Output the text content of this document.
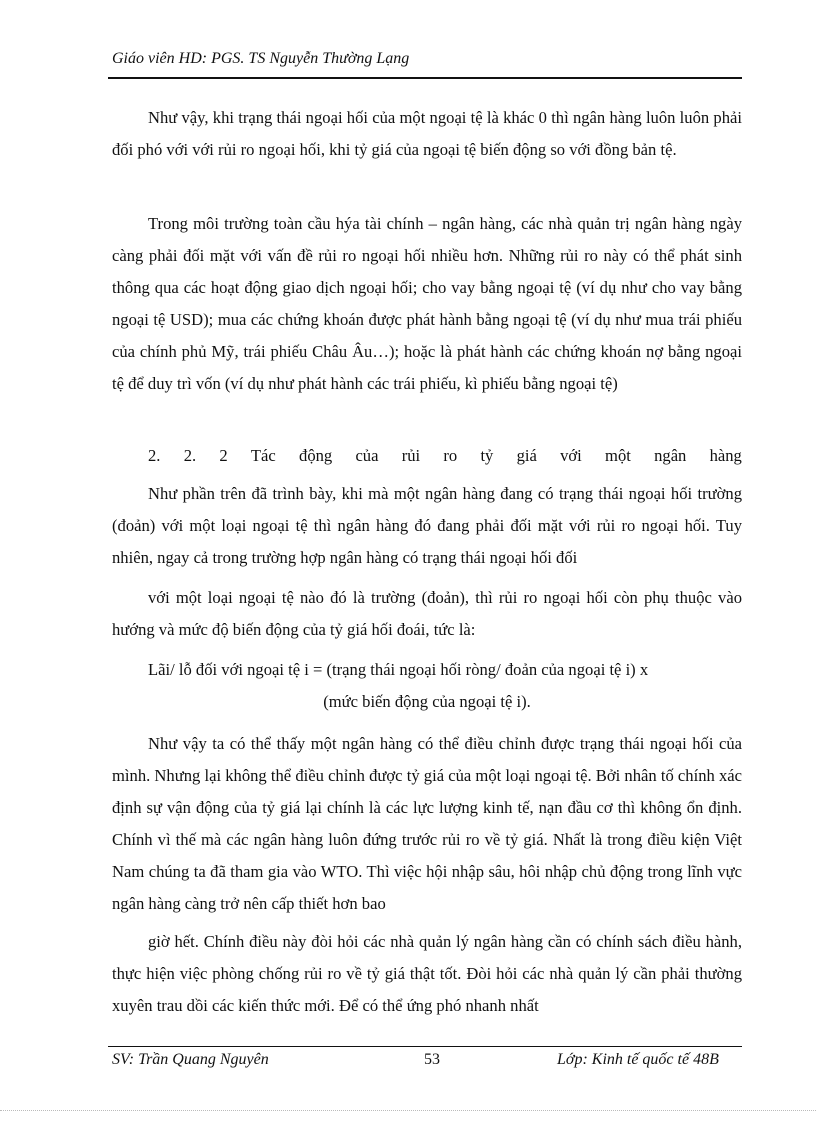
Giáo viên HD: PGS. TS Nguyễn Thường Lạng

Như vậy, khi trạng thái ngoại hối của một ngoại tệ là khác 0 thì ngân hàng luôn luôn phải đối phó với với rủi ro ngoại hối, khi tỷ giá của ngoại tệ biến động so với đồng bản tệ.

Trong môi trường toàn cầu hýa tài chính – ngân hàng, các nhà quản trị ngân hàng ngày càng phải đối mặt với vấn đề rủi ro ngoại hối nhiều hơn. Những rủi ro này có thể phát sinh thông qua các hoạt động giao dịch ngoại hối; cho vay bằng ngoại tệ (ví dụ như cho vay bằng ngoại tệ USD); mua các chứng khoán được phát hành bằng ngoại tệ (ví dụ như mua trái phiếu của chính phủ Mỹ, trái phiếu Châu Âu…); hoặc là phát hành các chứng khoán nợ bằng ngoại tệ để duy trì vốn (ví dụ như phát hành các trái phiếu, kì phiếu bằng ngoại tệ)

2. 2. 2 Tác động của rủi ro tỷ giá với một ngân hàng

Như phần trên đã trình bày, khi mà một ngân hàng đang có trạng thái ngoại hối trường (đoản) với một loại ngoại tệ thì ngân hàng đó đang phải đối mặt với rủi ro ngoại hối. Tuy nhiên, ngay cả trong trường hợp ngân hàng có trạng thái ngoại hối đối

với một loại ngoại tệ nào đó là trường (đoản), thì rủi ro ngoại hối còn phụ thuộc vào hướng và mức độ biến động của tỷ giá hối đoái, tức là:

Lãi/ lỗ đối với ngoại tệ i = (trạng thái ngoại hối ròng/ đoản của ngoại tệ i) x

(mức biến động của ngoại tệ i).

Như vậy ta có thể thấy một ngân hàng có thể điều chỉnh được trạng thái ngoại hối của mình. Nhưng lại không thể điều chỉnh được tỷ giá của một loại ngoại tệ. Bởi nhân tố chính xác định sự vận động của tỷ giá lại chính là các lực lượng kinh tế, nạn đầu cơ thì không ổn định. Chính vì thế mà các ngân hàng luôn đứng trước rủi ro về tỷ giá. Nhất là trong điều kiện Việt Nam chúng ta đã tham gia vào WTO. Thì việc hội nhập sâu, hôi nhập chủ động trong lĩnh vực ngân hàng càng trở nên cấp thiết hơn bao

giờ hết. Chính điều này đòi hỏi các nhà quản lý ngân hàng cần có chính sách điều hành, thực hiện việc phòng chống rủi ro về tỷ giá thật tốt. Đòi hỏi các nhà quản lý cần phải thường xuyên trau dồi các kiến thức mới. Để có thể ứng phó nhanh nhất

SV: Trần Quang Nguyên	53	Lớp: Kinh tế quốc tế 48B
